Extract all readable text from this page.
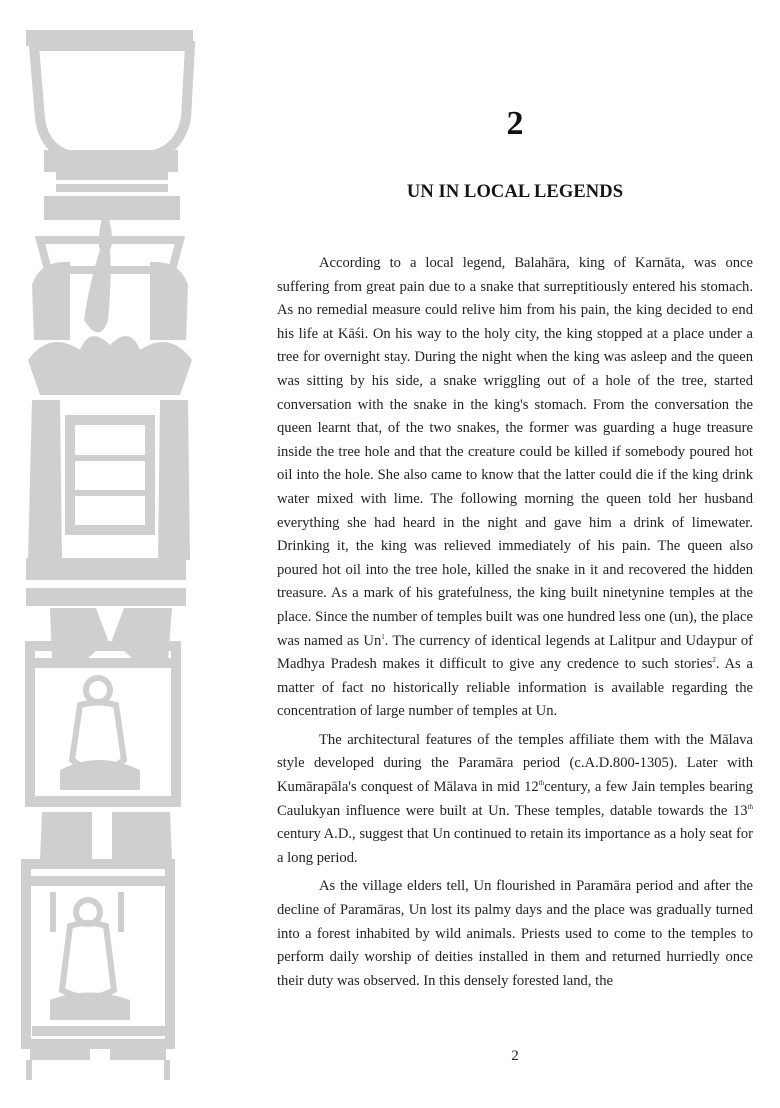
2
UN IN LOCAL LEGENDS

According to a local legend, Balahāra, king of Karnāta, was once suffering from great pain due to a snake that surreptitiously entered his stomach. As no remedial measure could relive him from his pain, the king decided to end his life at Kāśi. On his way to the holy city, the king stopped at a place under a tree for overnight stay. During the night when the king was asleep and the queen was sitting by his side, a snake wriggling out of a hole of the tree, started conversation with the snake in the king's stomach. From the conversation the queen learnt that, of the two snakes, the former was guarding a huge treasure inside the tree hole and that the creature could be killed if somebody poured hot oil into the hole. She also came to know that the latter could die if the king drink water mixed with lime. The following morning the queen told her husband everything she had heard in the night and gave him a drink of limewater. Drinking it, the king was relieved immediately of his pain. The queen also poured hot oil into the tree hole, killed the snake in it and recovered the hidden treasure. As a mark of his gratefulness, the king built ninetynine temples at the place. Since the number of temples built was one hundred less one (un), the place was named as Un$^1$. The currency of identical legends at Lalitpur and Udaypur of Madhya Pradesh makes it difficult to give any credence to such stories$^2$. As a matter of fact no historically reliable information is available regarding the concentration of large number of temples at Un.

The architectural features of the temples affiliate them with the Mālava style developed during the Paramāra period (c.A.D.800-1305). Later with Kumārapāla's conquest of Mālava in mid 12thcentury, a few Jain temples bearing Caulukyan influence were built at Un. These temples, datable towards the 13th century A.D., suggest that Un continued to retain its importance as a holy seat for a long period.

As the village elders tell, Un flourished in Paramāra period and after the decline of Paramāras, Un lost its palmy days and the place was gradually turned into a forest inhabited by wild animals. Priests used to come to the temples to perform daily worship of deities installed in them and returned hurriedly once their duty was observed. In this densely forested land, the

2
